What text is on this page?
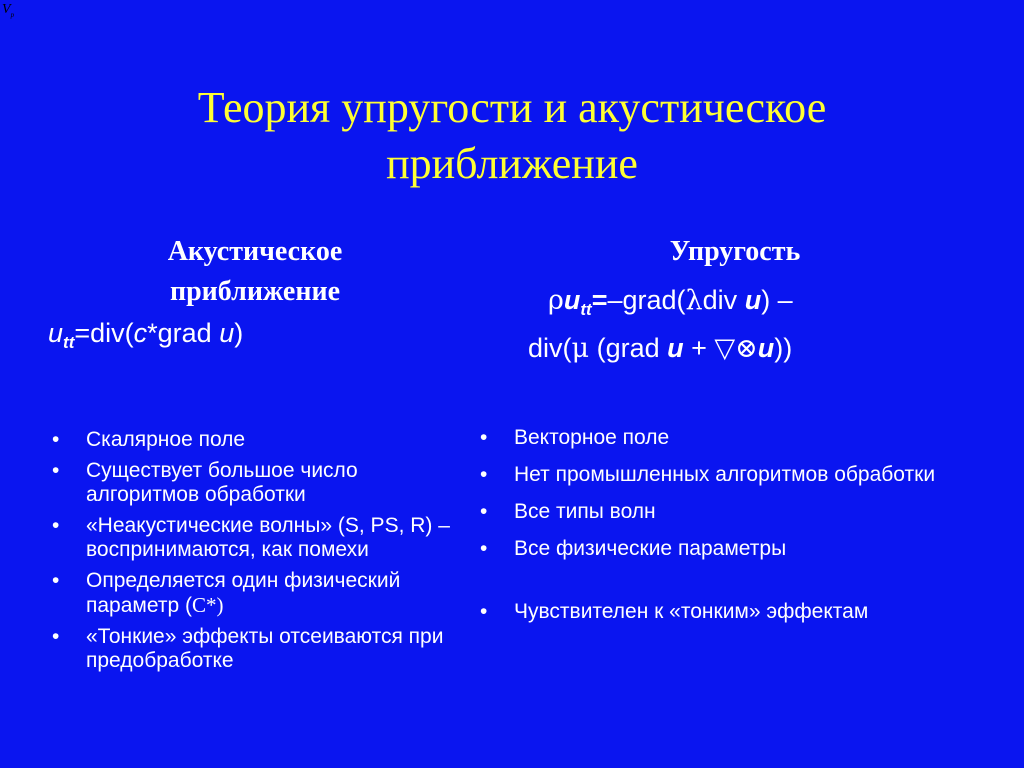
$V_p$
Теория упругости и акустическое
приближение
Акустическое
приближение
$u_{tt}=div(c*grad$ u)
• Скалярное поле
• Существует большое число алгоритмов обработки
• «Неакустические волны» (S, PS, R) – воспринимаются, как помехи
• Определяется один физический параметр (C*)
• «Тонкие» эффекты отсеиваются при предобработке
Упругость
$\rho u_{tt}=-grad(\lambda div$ u) –
div(μ (grad u + ▽⊗u))
• Векторное поле
• Нет промышленных алгоритмов обработки
• Все типы волн
• Все физические параметры
• Чувствителен к «тонким» эффектам
